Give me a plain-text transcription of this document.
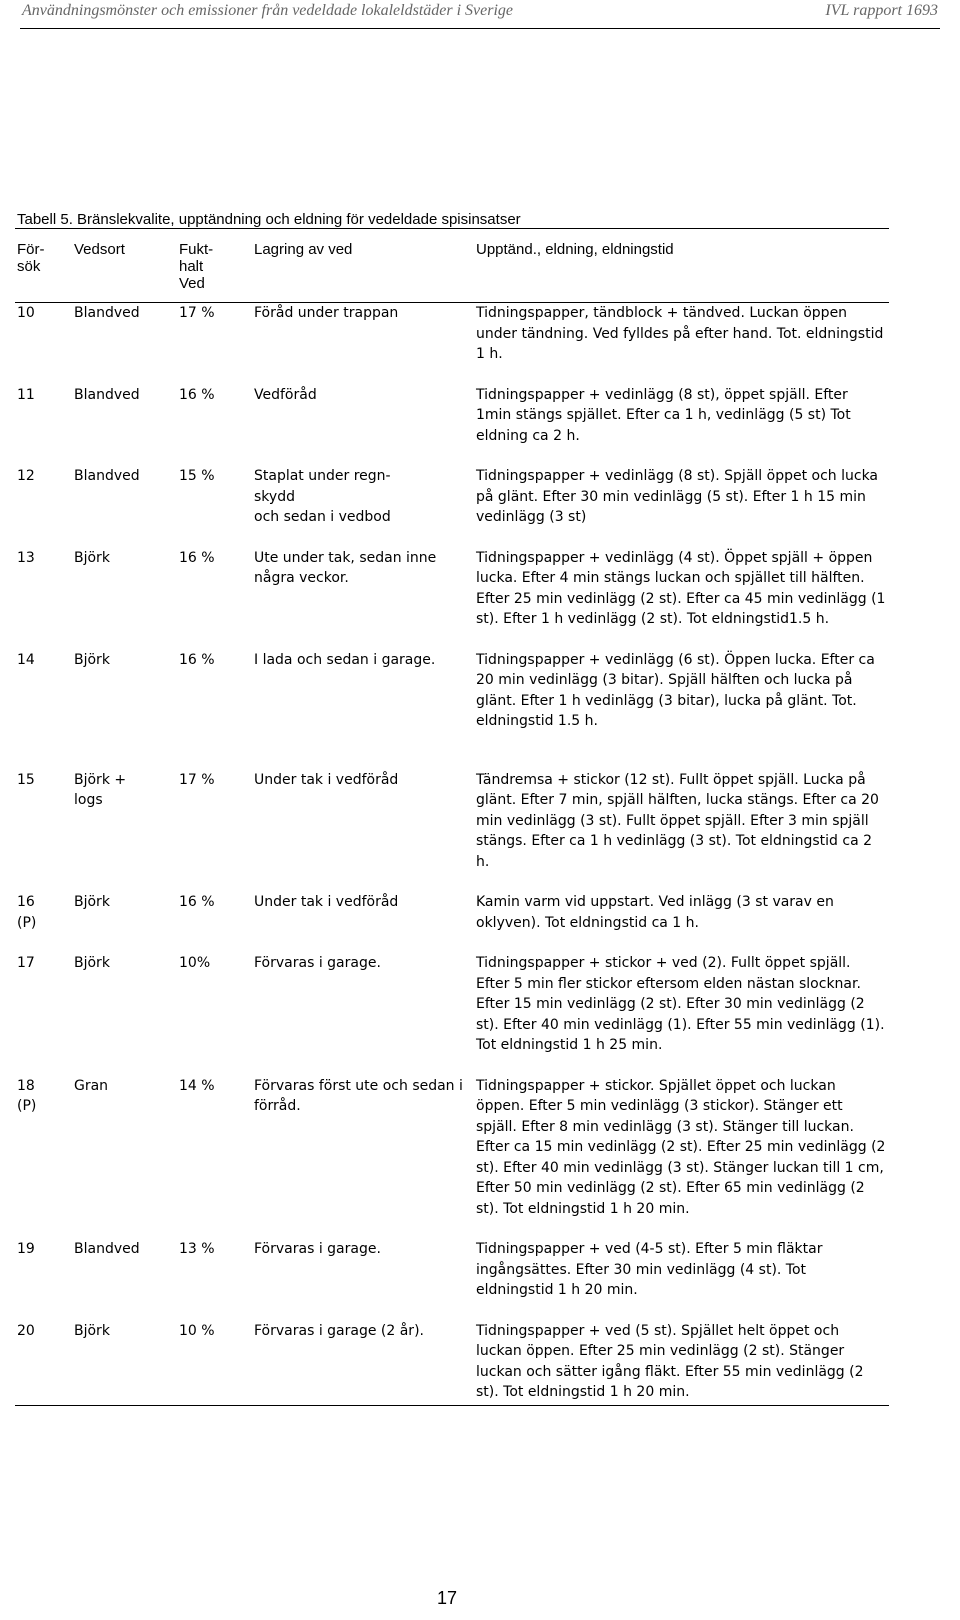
Användningsmönster och emissioner från vedeldade lokaleldstäder i Sverige	IVL rapport 1693
Tabell 5. Bränslekvalite, upptändning och eldning för vedeldade spisinsatser
För-
sök	Vedsort	Fukt-
halt
Ved	Lagring av ved	Upptänd., eldning, eldningstid
10	Blandved	17 %	Föråd under trappan	Tidningspapper, tändblock + tändved. Luckan öppen under tändning. Ved fylldes på efter hand. Tot. eldningstid 1 h.
11	Blandved	16 %	Vedföråd	Tidningspapper + vedinlägg (8 st), öppet spjäll. Efter 1min stängs spjället. Efter ca 1 h, vedinlägg (5 st) Tot eldning ca 2 h.
12	Blandved	15 %	Staplat under regn-
skydd
och sedan i vedbod	Tidningspapper + vedinlägg (8 st). Spjäll öppet och lucka på glänt. Efter 30 min vedinlägg (5 st). Efter 1 h 15 min vedinlägg (3 st)
13	Björk	16 %	Ute under tak, sedan inne några veckor.	Tidningspapper + vedinlägg (4 st). Öppet spjäll + öppen lucka. Efter 4 min stängs luckan och spjället till hälften. Efter 25 min vedinlägg (2 st). Efter ca 45 min vedinlägg (1 st). Efter 1 h vedinlägg (2 st). Tot eldningstid1.5 h.
14	Björk	16 %	I lada och sedan i garage.	Tidningspapper + vedinlägg (6 st). Öppen lucka. Efter ca 20 min vedinlägg (3 bitar). Spjäll hälften och lucka på glänt. Efter 1 h vedinlägg (3 bitar), lucka på glänt. Tot. eldningstid 1.5 h.
15	Björk +
logs	17 %	Under tak i vedföråd	Tändremsa + stickor (12 st). Fullt öppet spjäll. Lucka på glänt. Efter 7 min, spjäll hälften, lucka stängs. Efter ca 20 min vedinlägg (3 st). Fullt öppet spjäll. Efter 3 min spjäll stängs. Efter ca 1 h vedinlägg (3 st). Tot eldningstid ca 2 h.
16
(P)	Björk	16 %	Under tak i vedföråd	Kamin varm vid uppstart. Ved inlägg (3 st varav en oklyven). Tot eldningstid ca 1 h.
17	Björk	10%	Förvaras i garage.	Tidningspapper + stickor + ved (2). Fullt öppet spjäll. Efter 5 min fler stickor eftersom elden nästan slocknar. Efter 15 min vedinlägg (2 st). Efter 30 min vedinlägg (2 st). Efter 40 min vedinlägg (1). Efter 55 min vedinlägg (1). Tot eldningstid 1 h 25 min.
18
(P)	Gran	14 %	Förvaras först ute och sedan i förråd.	Tidningspapper + stickor. Spjället öppet och luckan öppen. Efter 5 min vedinlägg (3 stickor). Stänger ett spjäll. Efter 8 min vedinlägg (3 st). Stänger till luckan. Efter ca 15 min vedinlägg (2 st). Efter 25 min vedinlägg (2 st). Efter 40 min vedinlägg (3 st). Stänger luckan till 1 cm, Efter 50 min vedinlägg (2 st). Efter 65 min vedinlägg (2 st). Tot eldningstid 1 h 20 min.
19	Blandved	13 %	Förvaras i garage.	Tidningspapper + ved (4-5 st). Efter 5 min fläktar ingångsättes. Efter 30 min vedinlägg (4 st). Tot eldningstid 1 h 20 min.
20	Björk	10 %	Förvaras i garage (2 år).	Tidningspapper + ved (5 st). Spjället helt öppet och luckan öppen. Efter 25 min vedinlägg (2 st). Stänger luckan och sätter igång fläkt. Efter 55 min vedinlägg (2 st). Tot eldningstid 1 h 20 min.
17
